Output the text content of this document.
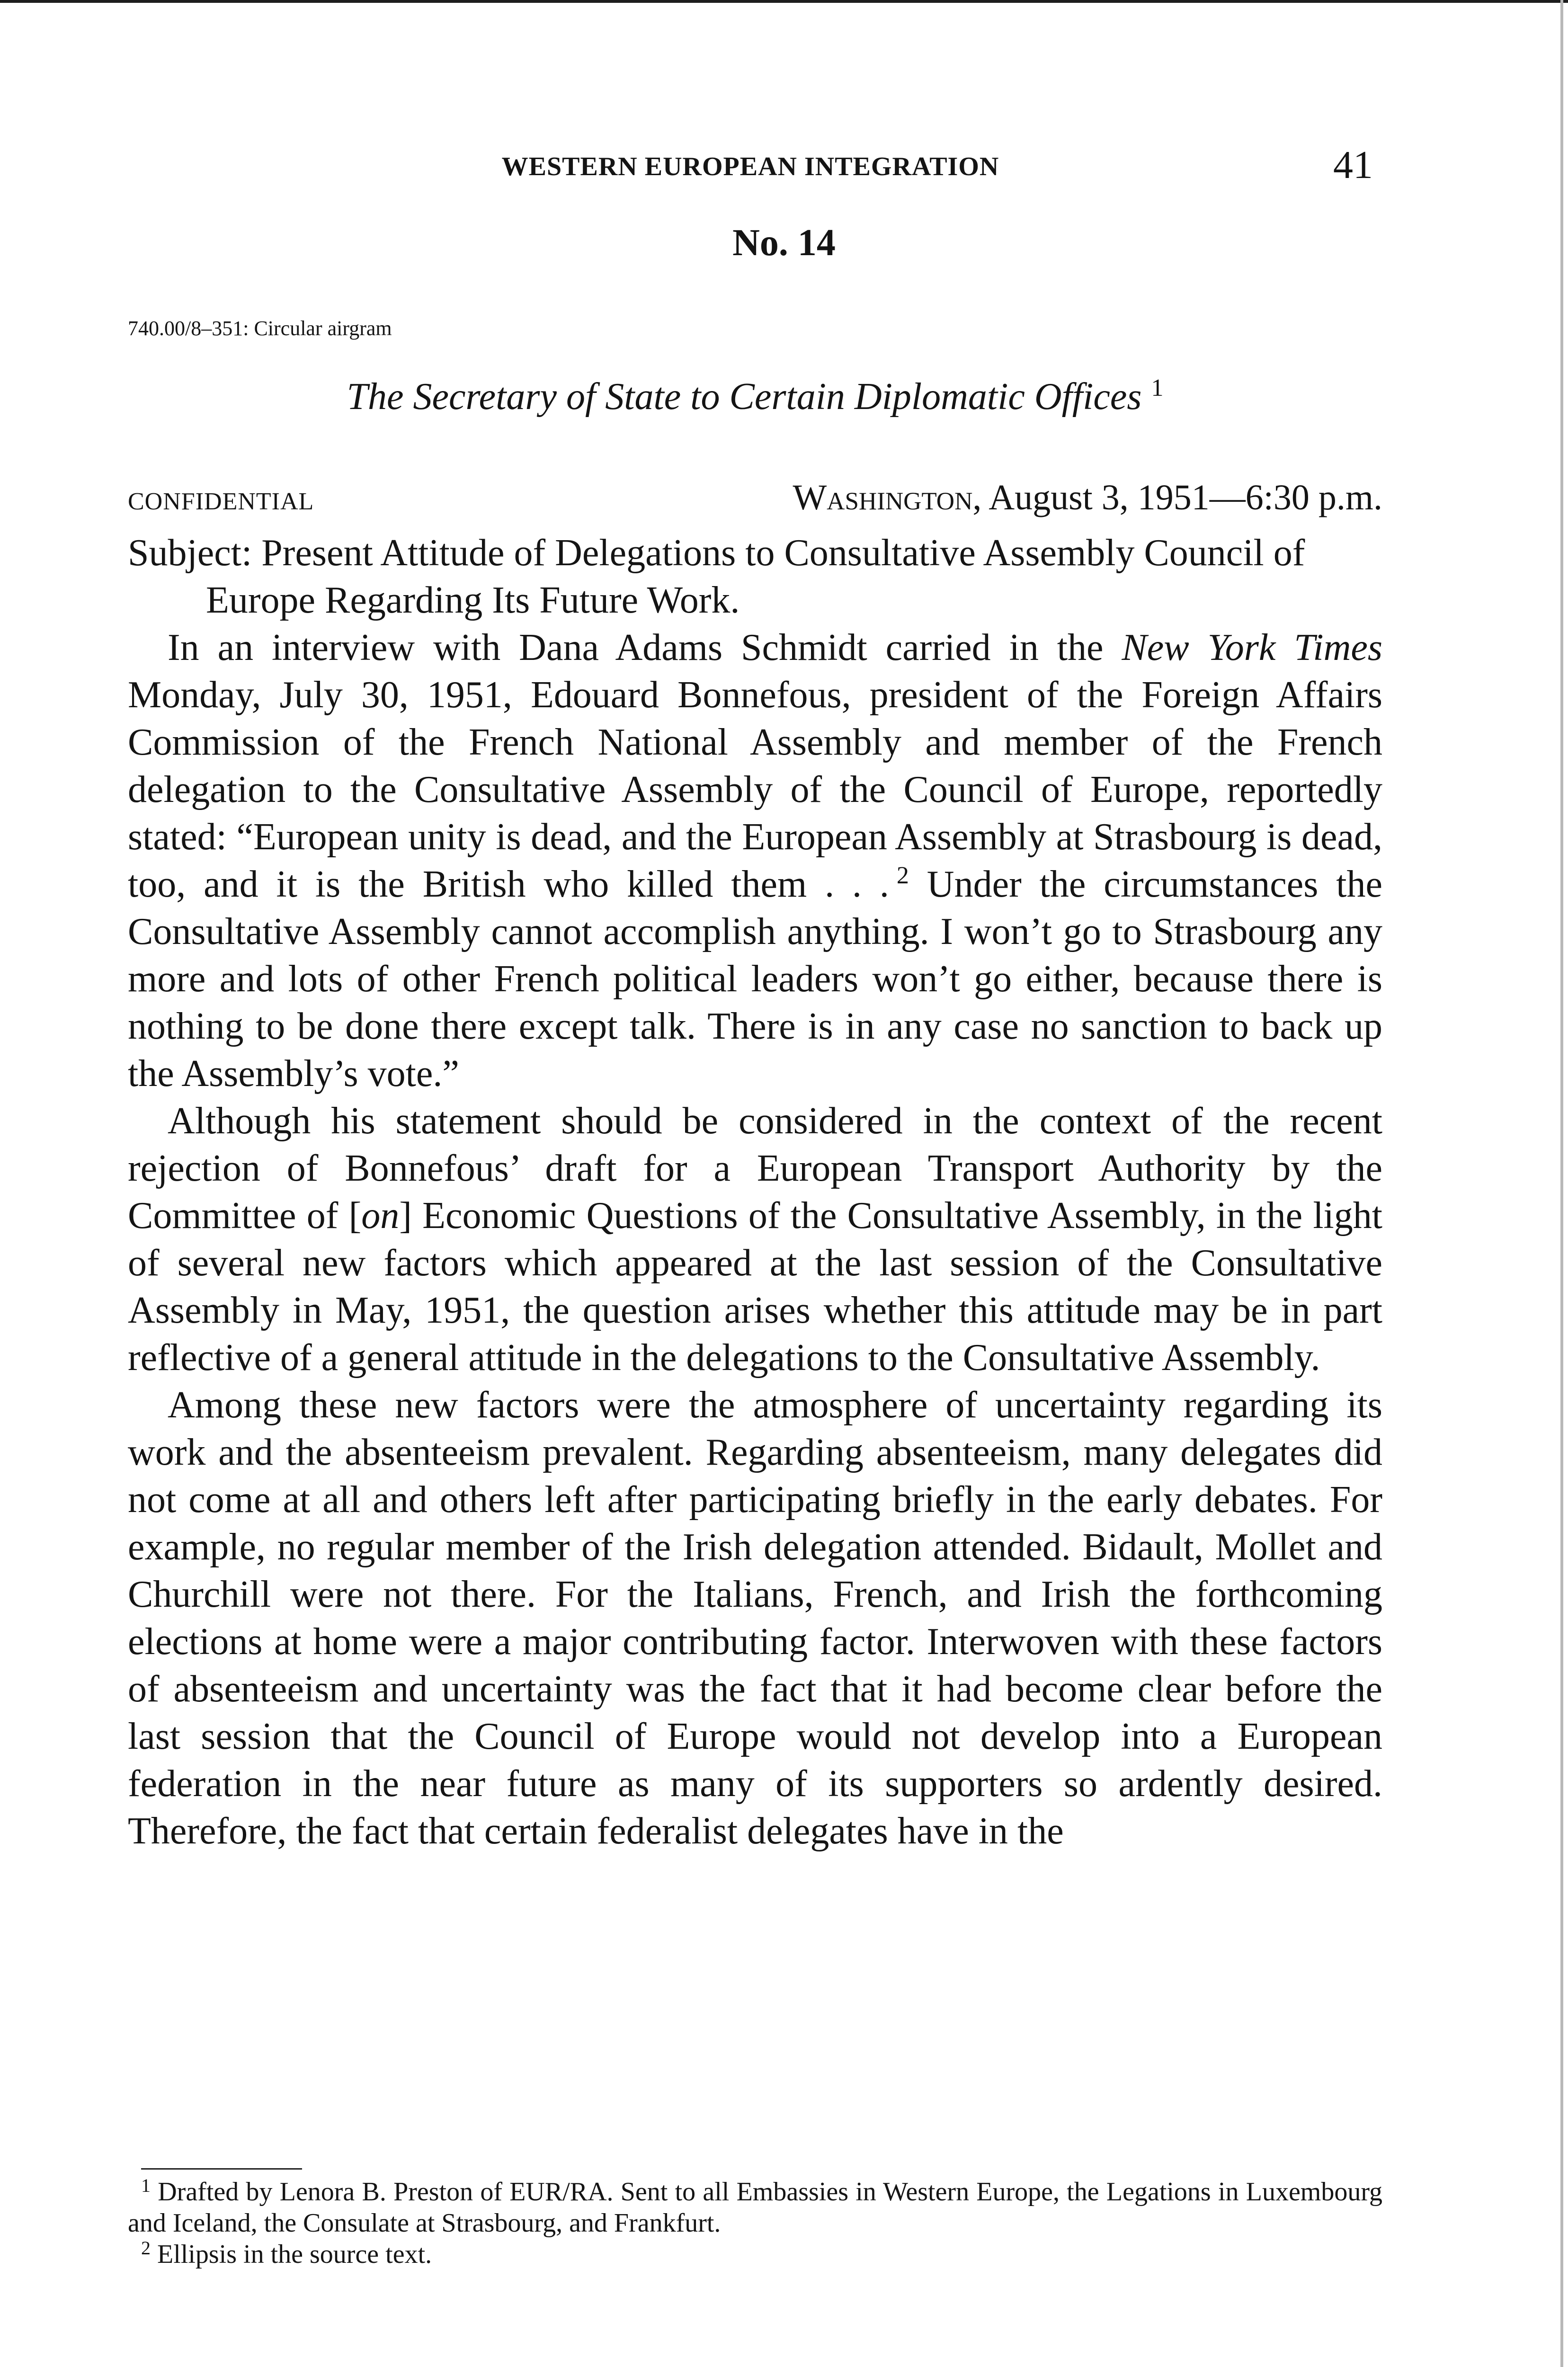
WESTERN EUROPEAN INTEGRATION	41
No. 14
740.00/8–351: Circular airgram
The Secretary of State to Certain Diplomatic Offices $^1$
CONFIDENTIAL	Washington, August 3, 1951—6:30 p.m.

Subject: Present Attitude of Delegations to Consultative Assembly Council of Europe Regarding Its Future Work.

In an interview with Dana Adams Schmidt carried in the New York Times Monday, July 30, 1951, Edouard Bonnefous, president of the Foreign Affairs Commission of the French National Assembly and member of the French delegation to the Consultative Assembly of the Council of Europe, reportedly stated: “European unity is dead, and the European Assembly at Strasbourg is dead, too, and it is the British who killed them . . .  $^2$ Under the circumstances the Consultative Assembly cannot accomplish anything. I won’t go to Strasbourg any more and lots of other French political leaders won’t go either, because there is nothing to be done there except talk. There is in any case no sanction to back up the Assembly’s vote.”

Although his statement should be considered in the context of the recent rejection of Bonnefous’ draft for a European Transport Authority by the Committee of [on] Economic Questions of the Consultative Assembly, in the light of several new factors which appeared at the last session of the Consultative Assembly in May, 1951, the question arises whether this attitude may be in part reflective of a general attitude in the delegations to the Consultative Assembly.

Among these new factors were the atmosphere of uncertainty regarding its work and the absenteeism prevalent. Regarding absenteeism, many delegates did not come at all and others left after participating briefly in the early debates. For example, no regular member of the Irish delegation attended. Bidault, Mollet and Churchill were not there. For the Italians, French, and Irish the forthcoming elections at home were a major contributing factor. Interwoven with these factors of absenteeism and uncertainty was the fact that it had become clear before the last session that the Council of Europe would not develop into a European federation in the near future as many of its supporters so ardently desired. Therefore, the fact that certain federalist delegates have in the

$^1$ Drafted by Lenora B. Preston of EUR/RA. Sent to all Embassies in Western Europe, the Legations in Luxembourg and Iceland, the Consulate at Strasbourg, and Frankfurt.

$^2$ Ellipsis in the source text.
